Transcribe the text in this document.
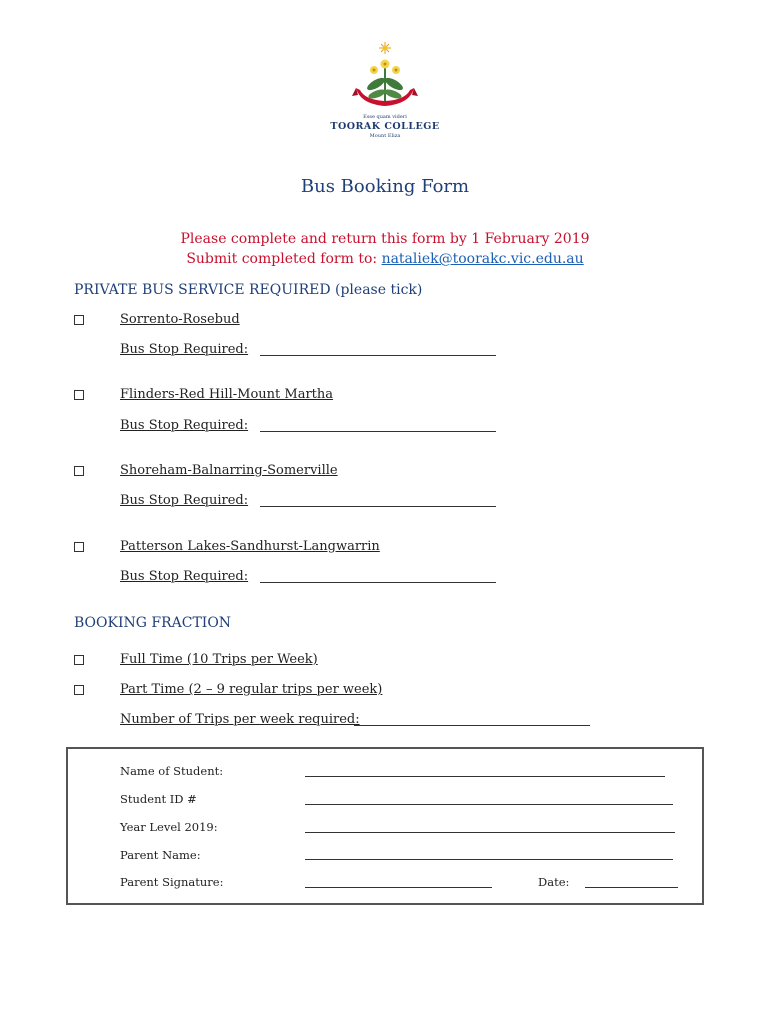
Esse quam videri
TOORAK COLLEGE
Mount Eliza
Bus Booking Form
Please complete and return this form by 1 February 2019
Submit completed form to: nataliek@toorakc.vic.edu.au
PRIVATE BUS SERVICE REQUIRED (please tick)
Sorrento-Rosebud
Bus Stop Required:
Flinders-Red Hill-Mount Martha
Bus Stop Required:
Shoreham-Balnarring-Somerville
Bus Stop Required:
Patterson Lakes-Sandhurst-Langwarrin
Bus Stop Required:
BOOKING FRACTION
Full Time (10 Trips per Week)
Part Time (2 – 9 regular trips per week)
Number of Trips per week required:
Name of Student:
Student ID #
Year Level 2019:
Parent Name:
Parent Signature:	Date:
